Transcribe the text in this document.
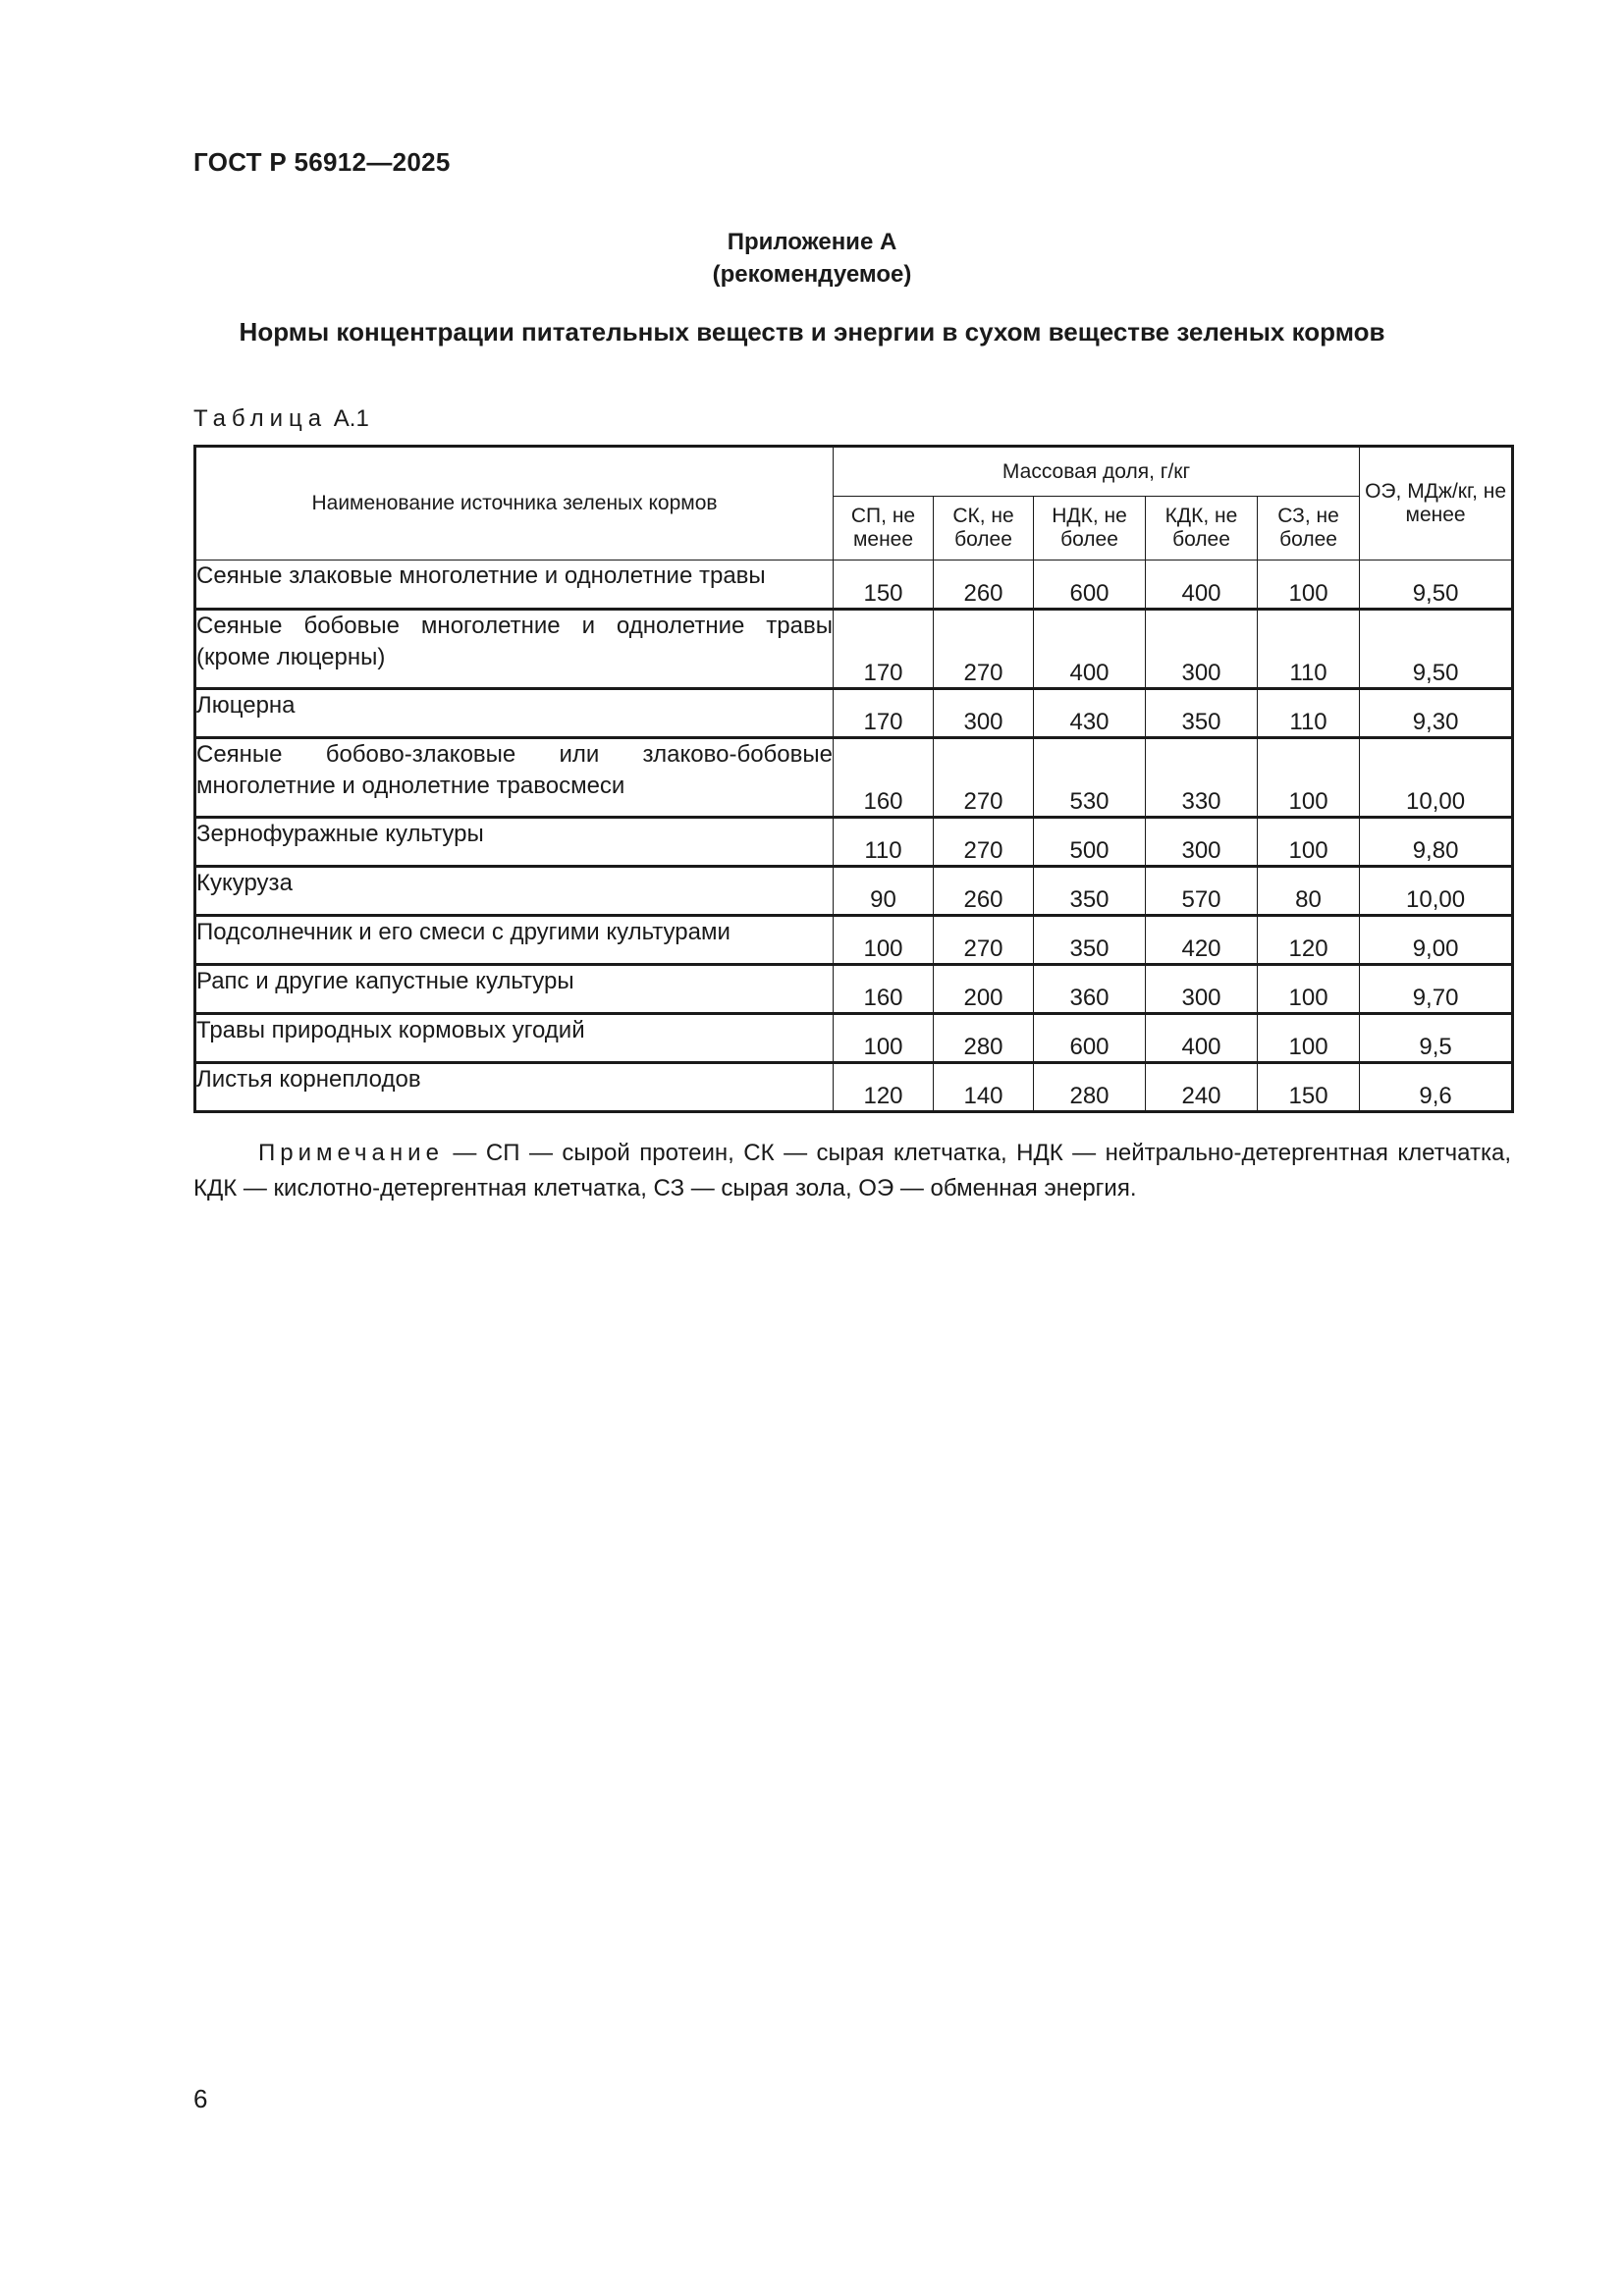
ГОСТ Р 56912—2025
Приложение А
(рекомендуемое)
Нормы концентрации питательных веществ и энергии в сухом веществе зеленых кормов
Таблица А.1
Наименование источника зеленых кормов	Массовая доля, г/кг					ОЭ, МДж/кг, не менее
	СП, не менее	СК, не более	НДК, не более	КДК, не более	СЗ, не более	
Сеяные злаковые многолетние и однолетние травы	150	260	600	400	100	9,50
Сеяные бобовые многолетние и однолетние травы (кроме люцерны)	170	270	400	300	110	9,50
Люцерна	170	300	430	350	110	9,30
Сеяные бобово-злаковые или злаково-бобовые многолетние и однолетние травосмеси	160	270	530	330	100	10,00
Зернофуражные культуры	110	270	500	300	100	9,80
Кукуруза	90	260	350	570	80	10,00
Подсолнечник и его смеси с другими культурами	100	270	350	420	120	9,00
Рапс и другие капустные культуры	160	200	360	300	100	9,70
Травы природных кормовых угодий	100	280	600	400	100	9,5
Листья корнеплодов	120	140	280	240	150	9,6
Примечание — СП — сырой протеин, СК — сырая клетчатка, НДК — нейтрально-детергентная клетчатка, КДК — кислотно-детергентная клетчатка, СЗ — сырая зола, ОЭ — обменная энергия.
6
